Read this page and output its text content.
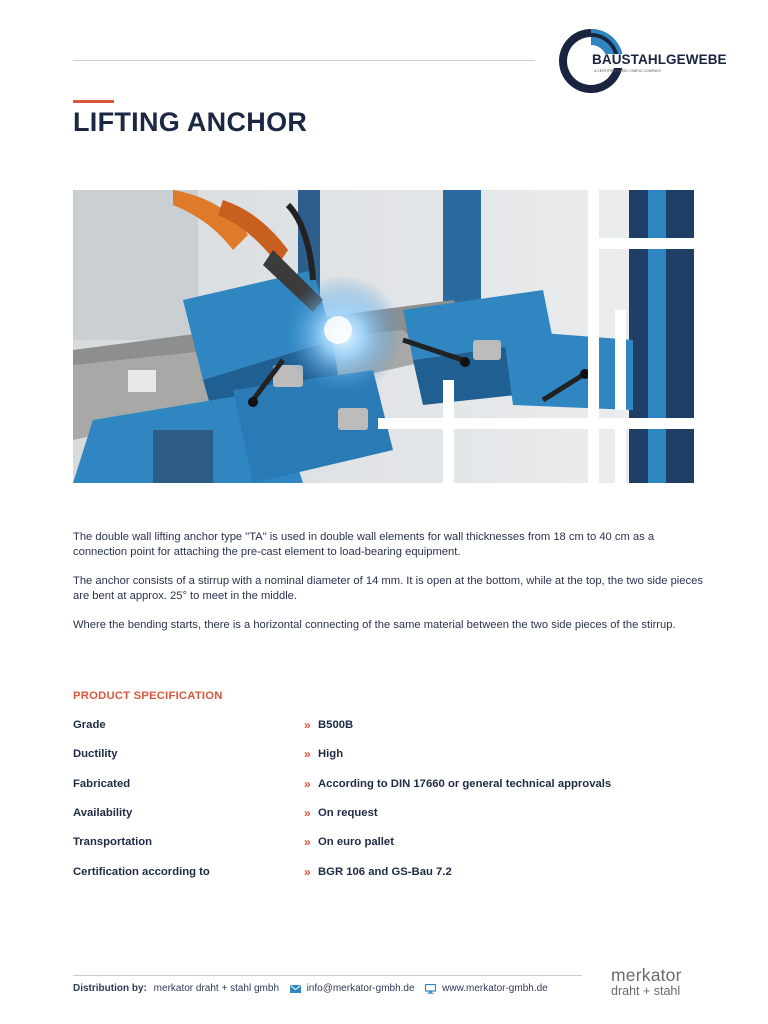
BAUSTAHLGEWEBE
A CERTIFIED STEEL FABRIC COMPANY
LIFTING ANCHOR

The double wall lifting anchor type "TA" is used in double wall elements for wall thicknesses from 18 cm to 40 cm as a connection point for attaching the pre-cast element to load-bearing equipment.

The anchor consists of a stirrup with a nominal diameter of 14 mm. It is open at the bottom, while at the top, the two side pieces are bent at approx. 25° to meet in the middle.

Where the bending starts, there is a horizontal connecting of the same material between the two side pieces of the stirrup.

PRODUCT SPECIFICATION
Grade	» B500B
Ductility	» High
Fabricated	» According to DIN 17660 or general technical approvals
Availability	» On request
Transportation	» On euro pallet
Certification according to	» BGR 106 and GS-Bau 7.2
Distribution by: merkator draht + stahl gmbh	info@merkator-gmbh.de	www.merkator-gmbh.de
merkator
draht + stahl
